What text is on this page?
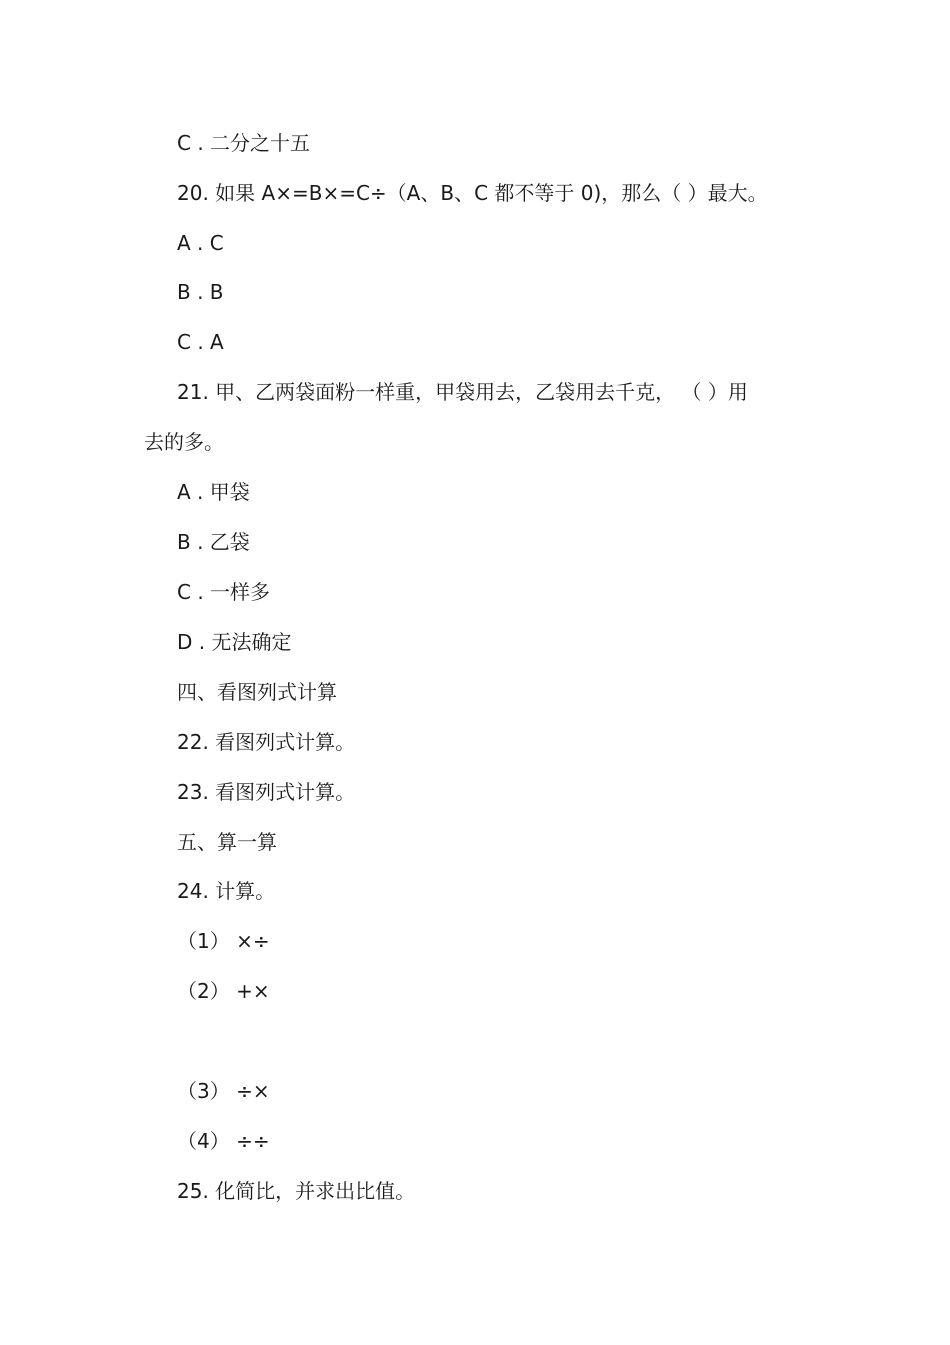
C . 二分之十五
20. 如果 A×=B×=C÷（A、B、C 都不等于 0)，那么（ ）最大。
A . C
B . B
C . A
21. 甲、乙两袋面粉一样重，甲袋用去，乙袋用去千克， （ ）用
去的多。
A . 甲袋
B . 乙袋
C . 一样多
D . 无法确定
四、看图列式计算
22. 看图列式计算。
23. 看图列式计算。
五、算一算
24. 计算。
（1） ×÷
（2） +×
（3） ÷×
（4） ÷÷
25. 化简比，并求出比值。
